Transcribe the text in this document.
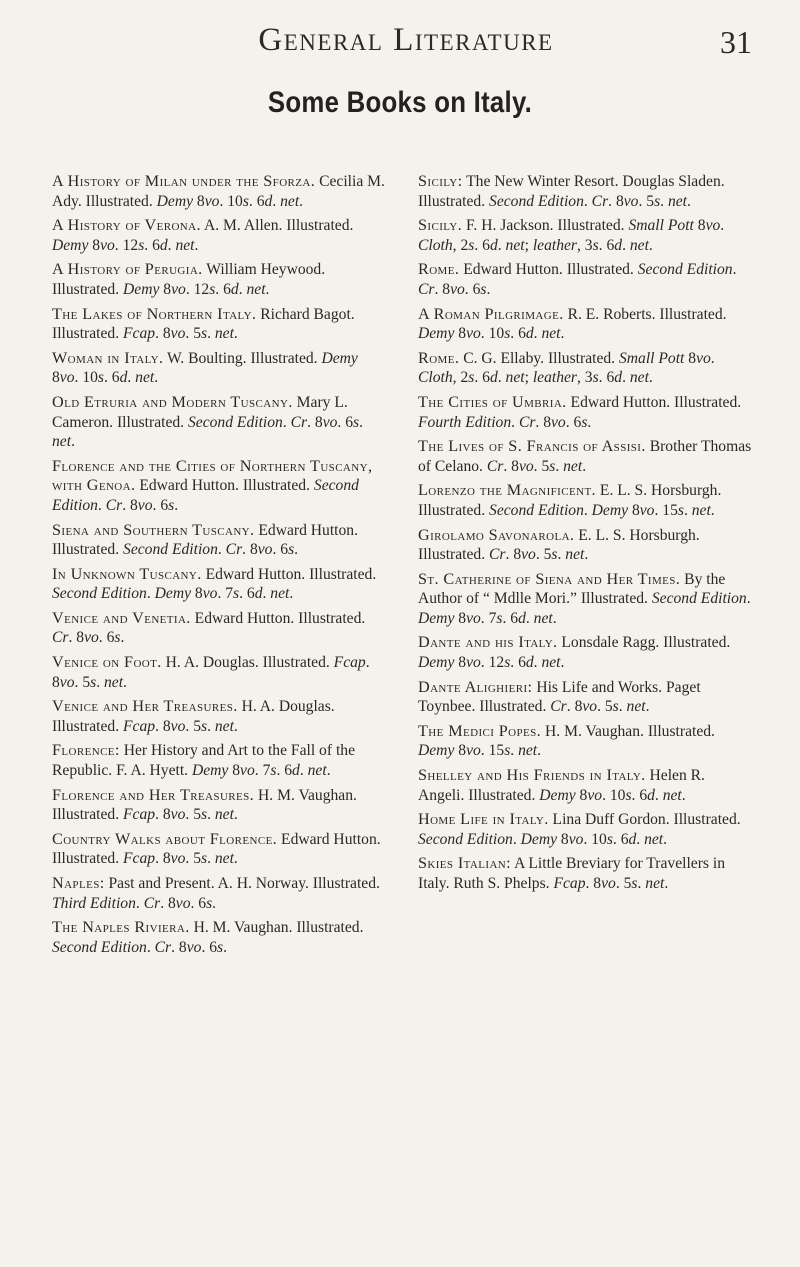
General Literature	31
Some Books on Italy.

A History of Milan under the Sforza. Cecilia M. Ady. Illustrated. Demy 8vo. 10s. 6d. net.

A History of Verona. A. M. Allen. Illustrated. Demy 8vo. 12s. 6d. net.

A History of Perugia. William Heywood. Illustrated. Demy 8vo. 12s. 6d. net.

The Lakes of Northern Italy. Richard Bagot. Illustrated. Fcap. 8vo. 5s. net.

Woman in Italy. W. Boulting. Illustrated. Demy 8vo. 10s. 6d. net.

Old Etruria and Modern Tuscany. Mary L. Cameron. Illustrated. Second Edition. Cr. 8vo. 6s. net.

Florence and the Cities of Northern Tuscany, with Genoa. Edward Hutton. Illustrated. Second Edition. Cr. 8vo. 6s.

Siena and Southern Tuscany. Edward Hutton. Illustrated. Second Edition. Cr. 8vo. 6s.

In Unknown Tuscany. Edward Hutton. Illustrated. Second Edition. Demy 8vo. 7s. 6d. net.

Venice and Venetia. Edward Hutton. Illustrated. Cr. 8vo. 6s.

Venice on Foot. H. A. Douglas. Illustrated. Fcap. 8vo. 5s. net.

Venice and Her Treasures. H. A. Douglas. Illustrated. Fcap. 8vo. 5s. net.

Florence: Her History and Art to the Fall of the Republic. F. A. Hyett. Demy 8vo. 7s. 6d. net.

Florence and Her Treasures. H. M. Vaughan. Illustrated. Fcap. 8vo. 5s. net.

Country Walks about Florence. Edward Hutton. Illustrated. Fcap. 8vo. 5s. net.

Naples: Past and Present. A. H. Norway. Illustrated. Third Edition. Cr. 8vo. 6s.

The Naples Riviera. H. M. Vaughan. Illustrated. Second Edition. Cr. 8vo. 6s.

Sicily: The New Winter Resort. Douglas Sladen. Illustrated. Second Edition. Cr. 8vo. 5s. net.

Sicily. F. H. Jackson. Illustrated. Small Pott 8vo. Cloth, 2s. 6d. net; leather, 3s. 6d. net.

Rome. Edward Hutton. Illustrated. Second Edition. Cr. 8vo. 6s.

A Roman Pilgrimage. R. E. Roberts. Illustrated. Demy 8vo. 10s. 6d. net.

Rome. C. G. Ellaby. Illustrated. Small Pott 8vo. Cloth, 2s. 6d. net; leather, 3s. 6d. net.

The Cities of Umbria. Edward Hutton. Illustrated. Fourth Edition. Cr. 8vo. 6s.

The Lives of S. Francis of Assisi. Brother Thomas of Celano. Cr. 8vo. 5s. net.

Lorenzo the Magnificent. E. L. S. Horsburgh. Illustrated. Second Edition. Demy 8vo. 15s. net.

Girolamo Savonarola. E. L. S. Horsburgh. Illustrated. Cr. 8vo. 5s. net.

St. Catherine of Siena and Her Times. By the Author of “ Mdlle Mori.” Illustrated. Second Edition. Demy 8vo. 7s. 6d. net.

Dante and his Italy. Lonsdale Ragg. Illustrated. Demy 8vo. 12s. 6d. net.

Dante Alighieri: His Life and Works. Paget Toynbee. Illustrated. Cr. 8vo. 5s. net.

The Medici Popes. H. M. Vaughan. Illustrated. Demy 8vo. 15s. net.

Shelley and His Friends in Italy. Helen R. Angeli. Illustrated. Demy 8vo. 10s. 6d. net.

Home Life in Italy. Lina Duff Gordon. Illustrated. Second Edition. Demy 8vo. 10s. 6d. net.

Skies Italian: A Little Breviary for Travellers in Italy. Ruth S. Phelps. Fcap. 8vo. 5s. net.
